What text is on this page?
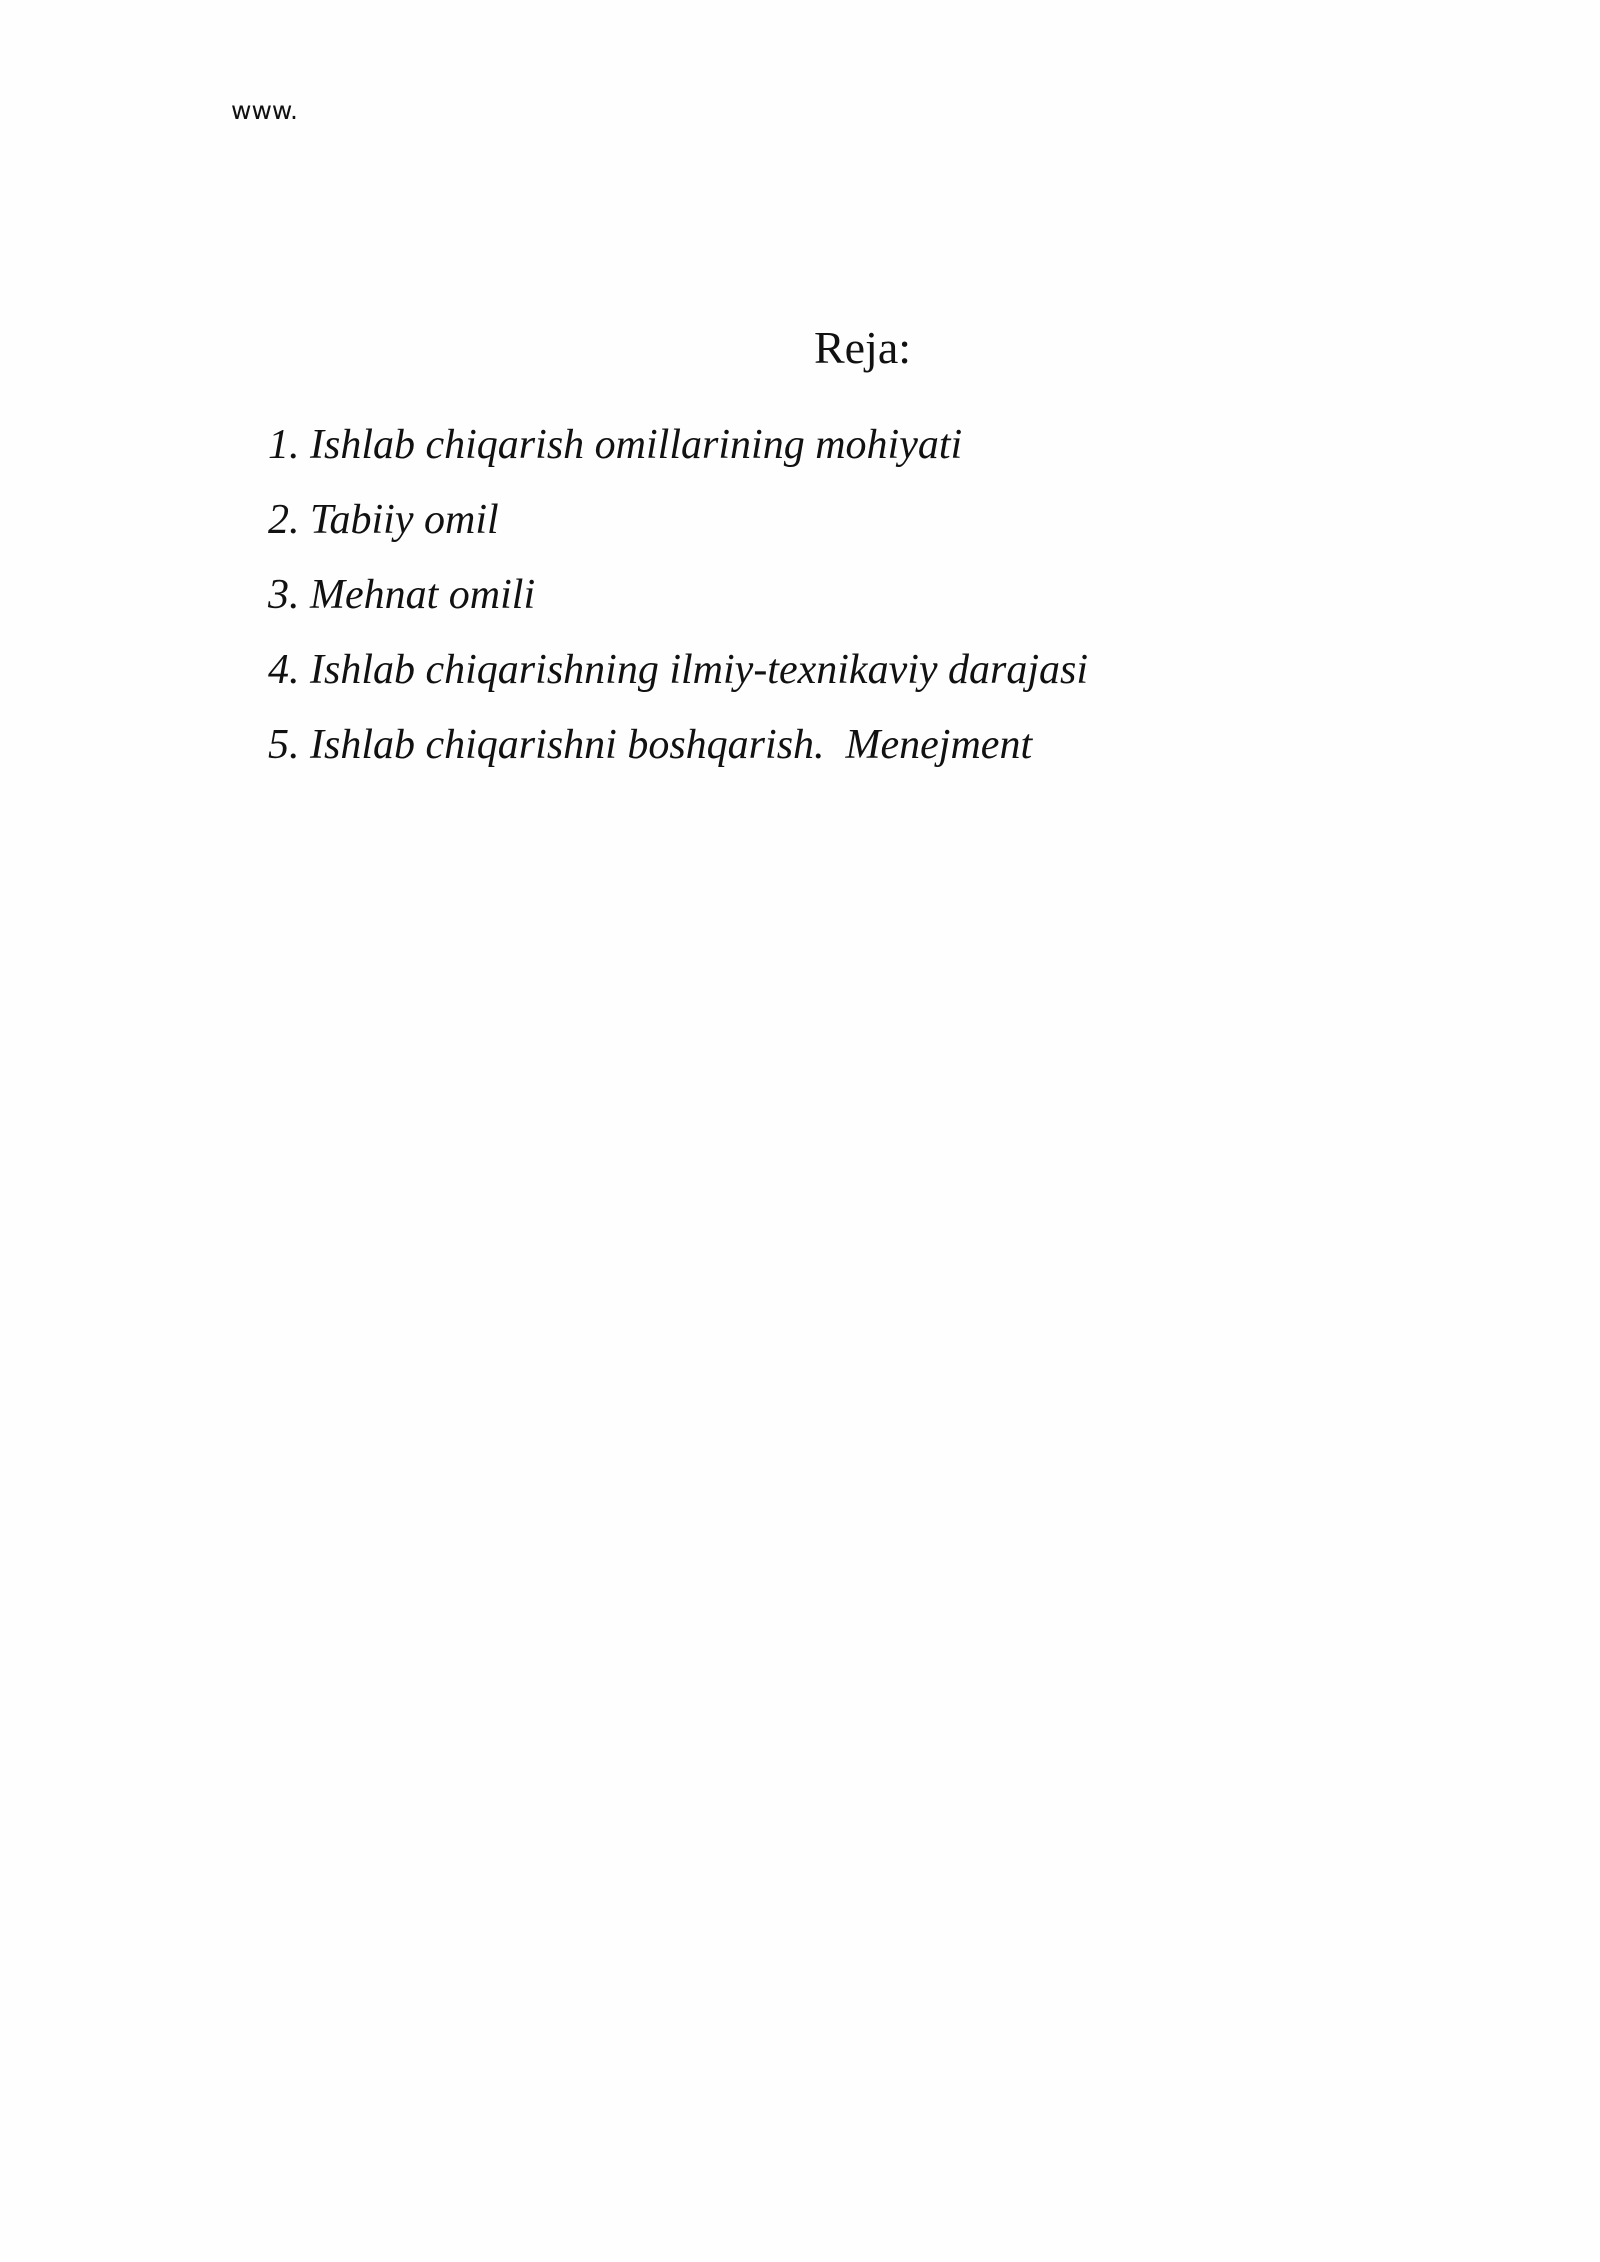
www.
Reja:
1. Ishlab chiqarish omillarining mohiyati
2. Tabiiy omil
3. Mehnat omili
4. Ishlab chiqarishning ilmiy-texnikaviy darajasi
5. Ishlab chiqarishni boshqarish.  Menejment
